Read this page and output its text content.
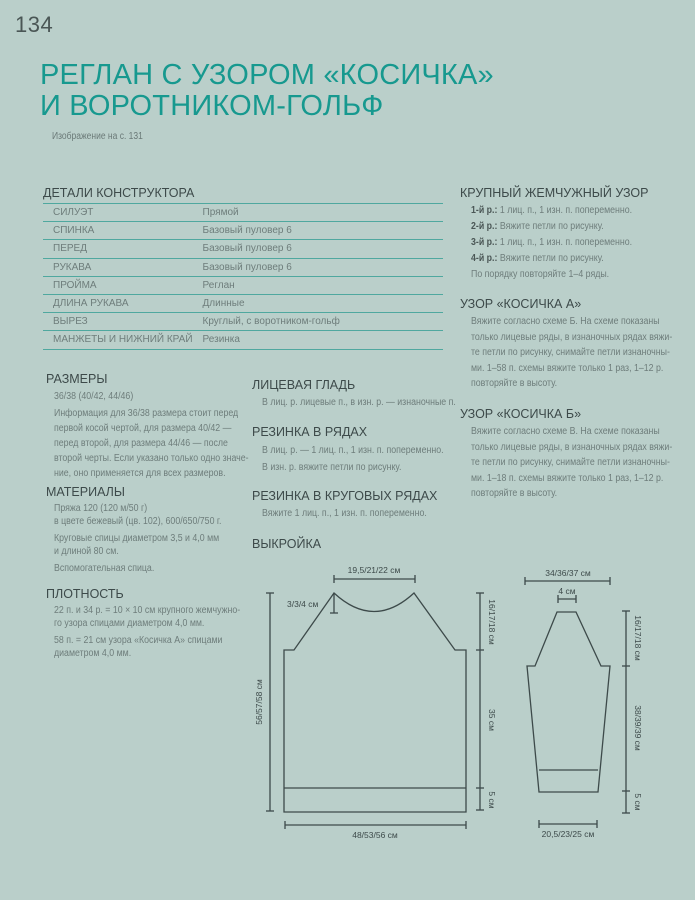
134
РЕГЛАН С УЗОРОМ «КОСИЧКА»
И ВОРОТНИКОМ-ГОЛЬФ
Изображение на с. 131
ДЕТАЛИ КОНСТРУКТОРА
СИЛУЭТ	Прямой
СПИНКА	Базовый пуловер 6
ПЕРЕД	Базовый пуловер 6
РУКАВА	Базовый пуловер 6
ПРОЙМА	Реглан
ДЛИНА РУКАВА	Длинные
ВЫРЕЗ	Круглый, с воротником-гольф
МАНЖЕТЫ И НИЖНИЙ КРАЙ	Резинка
РАЗМЕРЫ
36/38 (40/42, 44/46)
Информация для 36/38 размера стоит перед
первой косой чертой, для размера 40/42 —
перед второй, для размера 44/46 — после
второй черты. Если указано только одно значе-
ние, оно применяется для всех размеров.
МАТЕРИАЛЫ
Пряжа 120 (120 м/50 г)
в цвете бежевый (цв. 102), 600/650/750 г.
Круговые спицы диаметром 3,5 и 4,0 мм
и длиной 80 см.
Вспомогательная спица.
ПЛОТНОСТЬ
22 п. и 34 р. = 10 × 10 см крупного жемчужно-
го узора спицами диаметром 4,0 мм.
58 п. = 21 см узора «Косичка А» спицами
диаметром 4,0 мм.
ЛИЦЕВАЯ ГЛАДЬ
В лиц. р. лицевые п., в изн. р. — изнаночные п.
РЕЗИНКА В РЯДАХ
В лиц. р. — 1 лиц. п., 1 изн. п. попеременно.
В изн. р. вяжите петли по рисунку.
РЕЗИНКА В КРУГОВЫХ РЯДАХ
Вяжите 1 лиц. п., 1 изн. п. попеременно.
ВЫКРОЙКА
КРУПНЫЙ ЖЕМЧУЖНЫЙ УЗОР
1-й р.: 1 лиц. п., 1 изн. п. попеременно.
2-й р.: Вяжите петли по рисунку.
3-й р.: 1 лиц. п., 1 изн. п. попеременно.
4-й р.: Вяжите петли по рисунку.
По порядку повторяйте 1–4 ряды.
УЗОР «КОСИЧКА А»
Вяжите согласно схеме Б. На схеме показаны
только лицевые ряды, в изнаночных рядах вяжи-
те петли по рисунку, снимайте петли изнаночны-
ми. 1–58 п. схемы вяжите только 1 раз, 1–12 р.
повторяйте в высоту.
УЗОР «КОСИЧКА Б»
Вяжите согласно схеме В. На схеме показаны
только лицевые ряды, в изнаночных рядах вяжи-
те петли по рисунку, снимайте петли изнаночны-
ми. 1–18 п. схемы вяжите только 1 раз, 1–12 р.
повторяйте в высоту.
19,5/21/22 см
3/3/4 см
56/57/58 см
16/17/18 см
35 см
5 см
48/53/56 см
34/36/37 см
4 см
16/17/18 см
38/39/39 см
5 см
20,5/23/25 см
